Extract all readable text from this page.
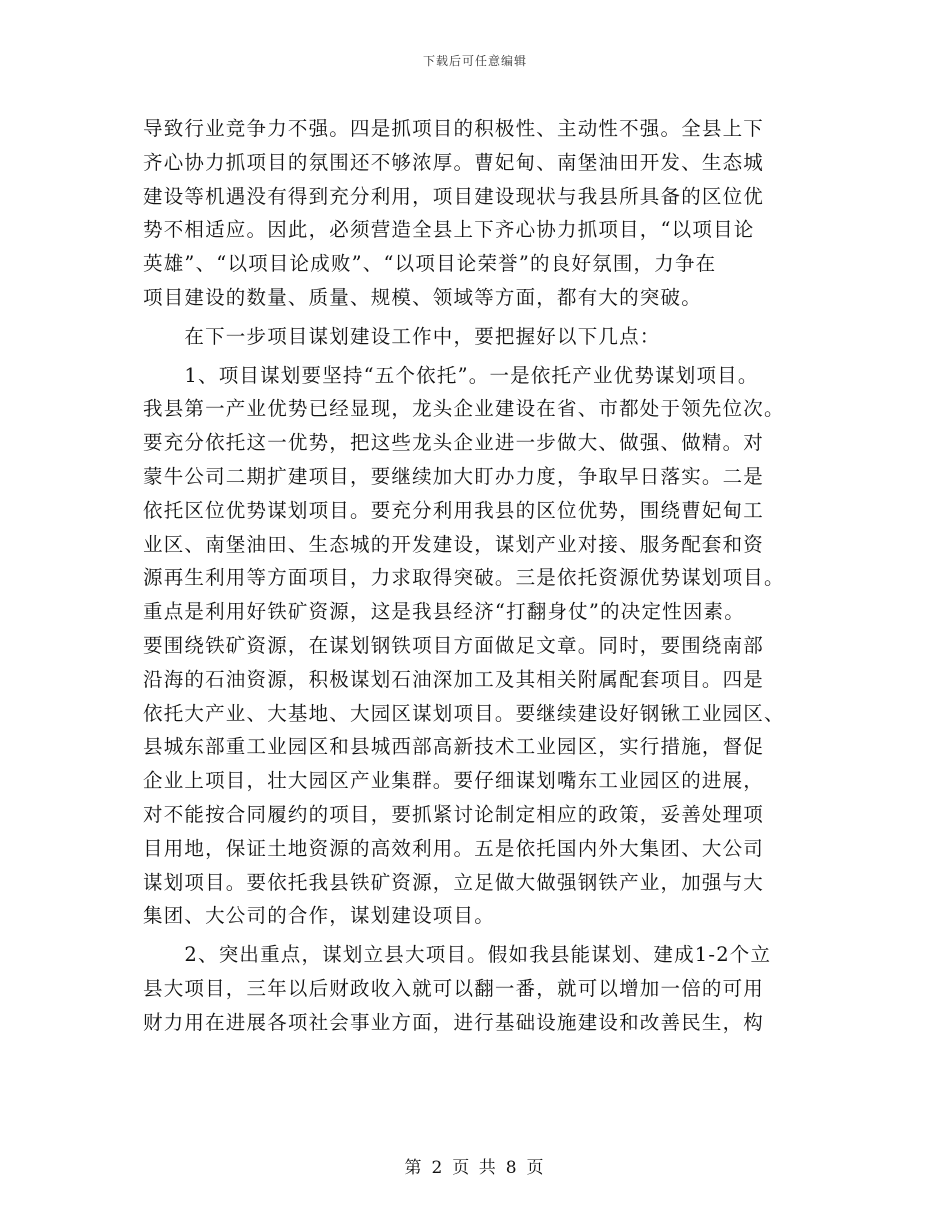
下载后可任意编辑
导致行业竞争力不强。四是抓项目的积极性、主动性不强。全县上下
齐心协力抓项目的氛围还不够浓厚。曹妃甸、南堡油田开发、生态城
建设等机遇没有得到充分利用，项目建设现状与我县所具备的区位优
势不相适应。因此，必须营造全县上下齐心协力抓项目，“以项目论
英雄”、“以项目论成败”、“以项目论荣誉”的良好氛围，力争在
项目建设的数量、质量、规模、领域等方面，都有大的突破。
　　在下一步项目谋划建设工作中，要把握好以下几点：
　　1、项目谋划要坚持“五个依托”。一是依托产业优势谋划项目。
我县第一产业优势已经显现，龙头企业建设在省、市都处于领先位次。
要充分依托这一优势，把这些龙头企业进一步做大、做强、做精。对
蒙牛公司二期扩建项目，要继续加大盯办力度，争取早日落实。二是
依托区位优势谋划项目。要充分利用我县的区位优势，围绕曹妃甸工
业区、南堡油田、生态城的开发建设，谋划产业对接、服务配套和资
源再生利用等方面项目，力求取得突破。三是依托资源优势谋划项目。
重点是利用好铁矿资源，这是我县经济“打翻身仗”的决定性因素。
要围绕铁矿资源，在谋划钢铁项目方面做足文章。同时，要围绕南部
沿海的石油资源，积极谋划石油深加工及其相关附属配套项目。四是
依托大产业、大基地、大园区谋划项目。要继续建设好钢锹工业园区、
县城东部重工业园区和县城西部高新技术工业园区，实行措施，督促
企业上项目，壮大园区产业集群。要仔细谋划嘴东工业园区的进展，
对不能按合同履约的项目，要抓紧讨论制定相应的政策，妥善处理项
目用地，保证土地资源的高效利用。五是依托国内外大集团、大公司
谋划项目。要依托我县铁矿资源，立足做大做强钢铁产业，加强与大
集团、大公司的合作，谋划建设项目。
　　2、突出重点，谋划立县大项目。假如我县能谋划、建成1-2个立
县大项目，三年以后财政收入就可以翻一番，就可以增加一倍的可用
财力用在进展各项社会事业方面，进行基础设施建设和改善民生，构
第 2 页 共 8 页
